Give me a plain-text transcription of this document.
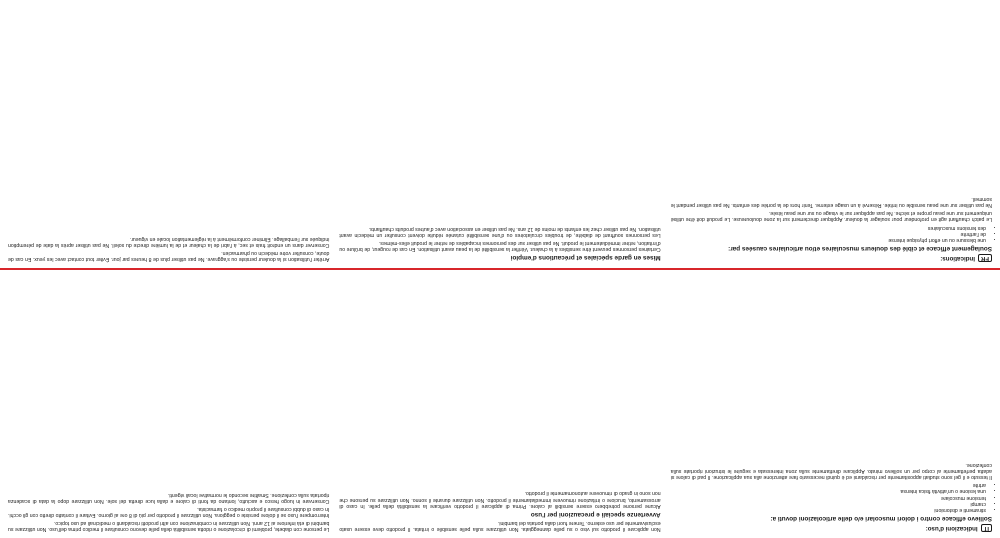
FR
Indications:
Soulagement efficace et ciblé des douleurs musculaires et/ou articulaires causées par:
• une blessure ou un effort physique intense
• de l'arthrite
• des tensions musculaires

Le patch chauffant agit en profondeur pour soulager la douleur. Appliquer directement sur la zone douloureuse. Le produit doit être utilisé uniquement sur une peau propre et sèche. Ne pas appliquer sur le visage ou sur une peau lésée.

Ne pas utiliser sur une peau sensible ou irritée. Réservé à un usage externe. Tenir hors de la portée des enfants. Ne pas utiliser pendant le sommeil.

Mises en garde spéciales et précautions d'emploi

Certaines personnes peuvent être sensibles à la chaleur. Vérifier la sensibilité de la peau avant utilisation. En cas de rougeur, de brûlure ou d'irritation, retirer immédiatement le produit. Ne pas utiliser sur des personnes incapables de retirer le produit elles-mêmes.

Les personnes souffrant de diabète, de troubles circulatoires ou d'une sensibilité cutanée réduite doivent consulter un médecin avant utilisation. Ne pas utiliser chez les enfants de moins de 12 ans. Ne pas utiliser en association avec d'autres produits chauffants.

Arrêter l'utilisation si la douleur persiste ou s'aggrave. Ne pas utiliser plus de 8 heures par jour. Éviter tout contact avec les yeux. En cas de doute, consulter votre médecin ou pharmacien.

Conserver dans un endroit frais et sec, à l'abri de la chaleur et de la lumière directe du soleil. Ne pas utiliser après la date de péremption indiquée sur l'emballage. Éliminer conformément à la réglementation locale en vigueur.

IT
Indicazioni d'uso:
Sollievo efficace contro i dolori muscolari e/o delle articolazioni dovuti a:
• stiramenti e distorsioni
• crampi
• tensione muscolare
• una lesione o un'attività fisica intensa
• artrite

Il tessuto e il gel sono studiati appositamente per riscaldarsi ed è quindi necessario fare attenzione alla sua applicazione. Il pad di calore si adatta perfettamente al corpo per un sollievo mirato. Applicare direttamente sulla zona interessata e seguire le istruzioni riportate sulla confezione.

Non applicare il prodotto sul viso o su pelle danneggiata. Non utilizzare sulla pelle sensibile o irritata. Il prodotto deve essere usato esclusivamente per uso esterno. Tenere fuori dalla portata dei bambini.

Avvertenze speciali e precauzioni per l'uso

Alcune persone potrebbero essere sensibili al calore. Prima di applicare il prodotto verificare la sensibilità della pelle. In caso di arrossamento, bruciore o irritazione rimuovere immediatamente il prodotto. Non utilizzare durante il sonno. Non utilizzare su persone che non sono in grado di rimuovere autonomamente il prodotto.

Le persone con diabete, problemi di circolazione o ridotta sensibilità della pelle devono consultare il medico prima dell'uso. Non utilizzare su bambini di età inferiore ai 12 anni. Non utilizzare in combinazione con altri prodotti riscaldanti o medicinali ad uso topico.

Interrompere l'uso se il dolore persiste o peggiora. Non utilizzare il prodotto per più di 8 ore al giorno. Evitare il contatto diretto con gli occhi. In caso di dubbi consultare il proprio medico o farmacista.

Conservare in luogo fresco e asciutto, lontano da fonti di calore e dalla luce diretta del sole. Non utilizzare dopo la data di scadenza riportata sulla confezione. Smaltire secondo le normative locali vigenti.
